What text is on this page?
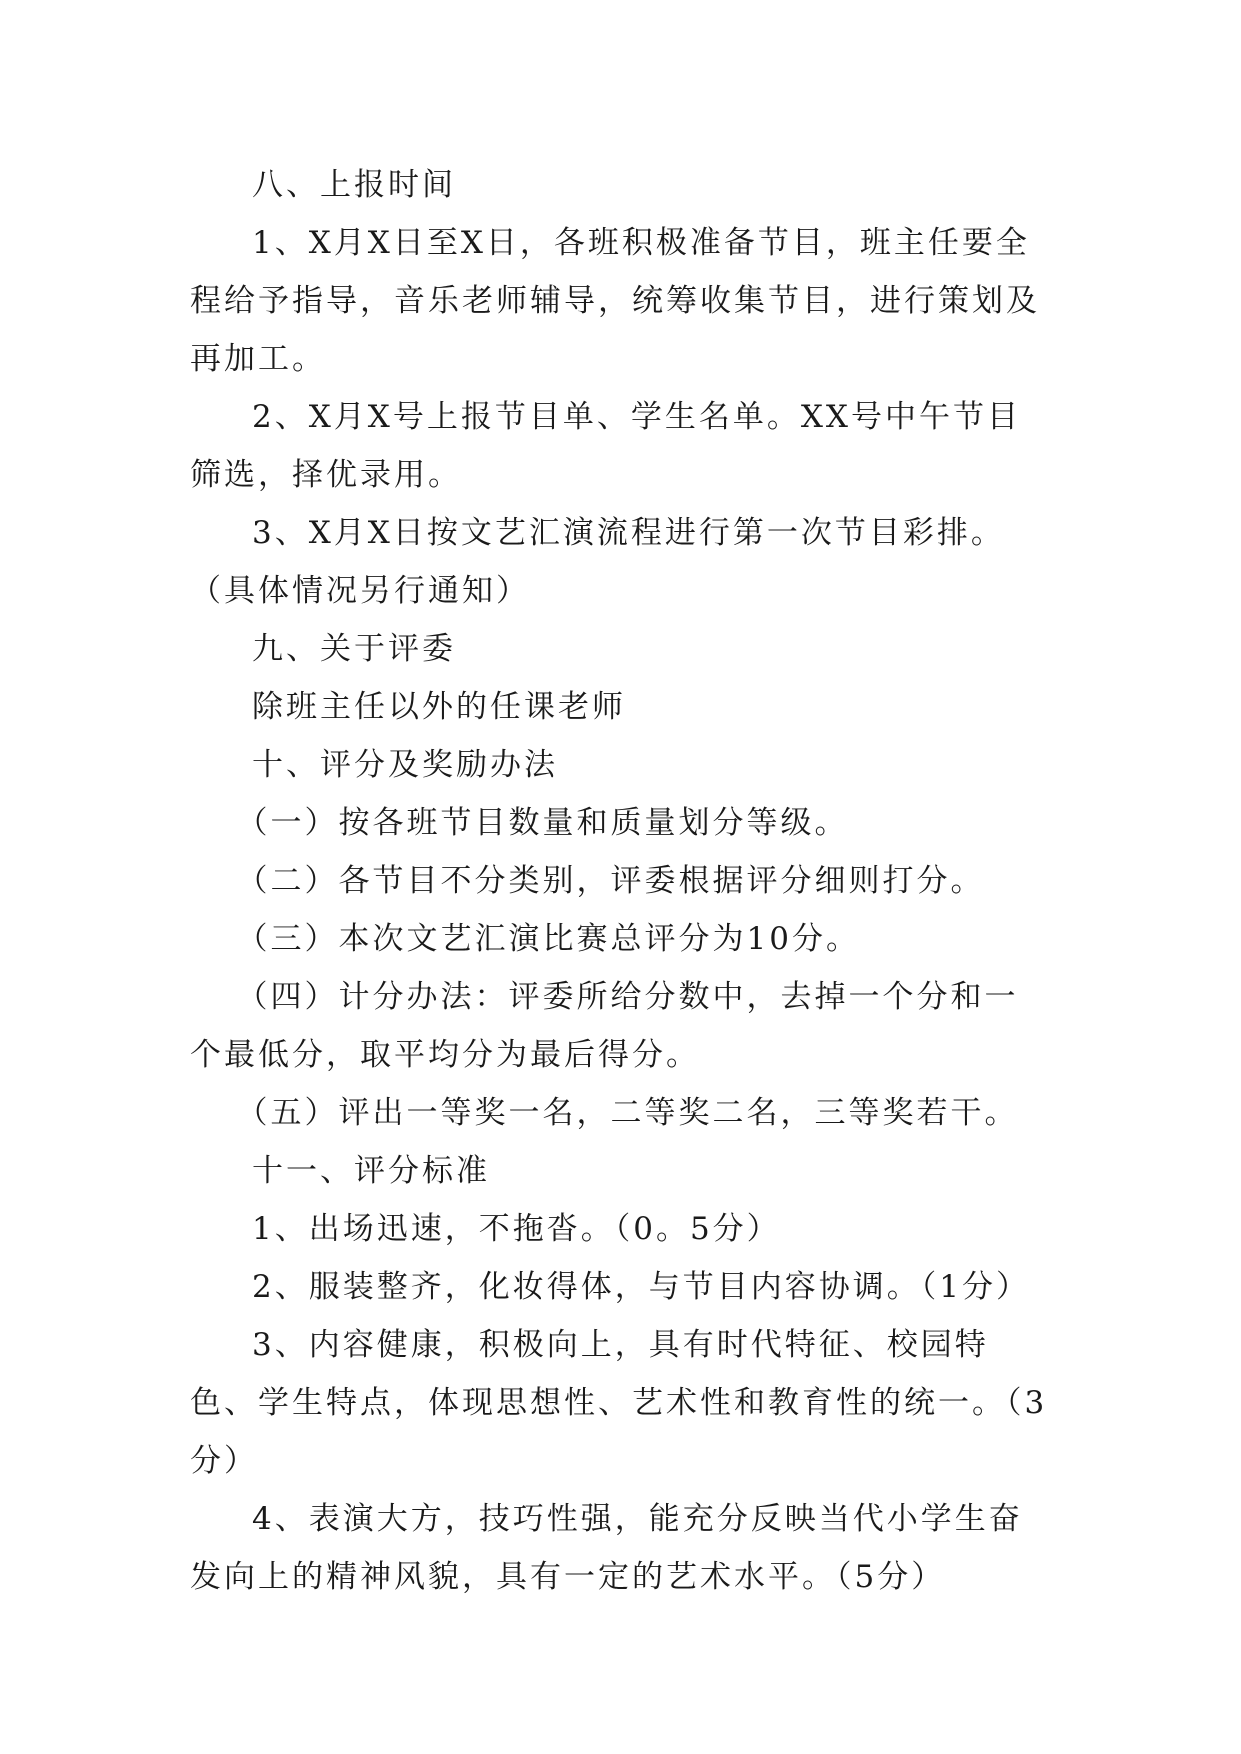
八、上报时间

1、X月X日至X日，各班积极准备节目，班主任要全程给予指导，音乐老师辅导，统筹收集节目，进行策划及再加工。

2、X月X号上报节目单、学生名单。XX号中午节目筛选，择优录用。

3、X月X日按文艺汇演流程进行第一次节目彩排。（具体情况另行通知）

九、关于评委

除班主任以外的任课老师

十、评分及奖励办法

（一）按各班节目数量和质量划分等级。

（二）各节目不分类别，评委根据评分细则打分。

（三）本次文艺汇演比赛总评分为10分。

（四）计分办法：评委所给分数中，去掉一个分和一个最低分，取平均分为最后得分。

（五）评出一等奖一名，二等奖二名，三等奖若干。

十一、评分标准

1、出场迅速，不拖沓。（0。5分）

2、服装整齐，化妆得体，与节目内容协调。（1分）

3、内容健康，积极向上，具有时代特征、校园特色、学生特点，体现思想性、艺术性和教育性的统一。（3分）

4、表演大方，技巧性强，能充分反映当代小学生奋发向上的精神风貌，具有一定的艺术水平。（5分）
